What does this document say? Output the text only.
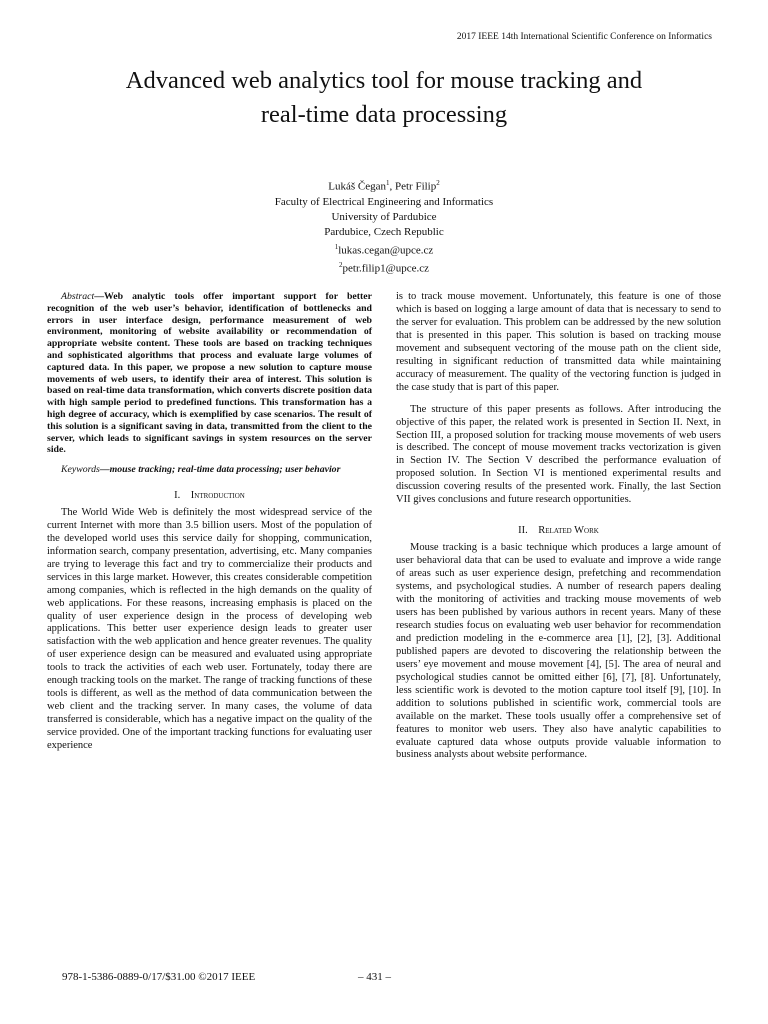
2017 IEEE 14th International Scientific Conference on Informatics
Advanced web analytics tool for mouse tracking and
real-time data processing
Lukáš Čegan$^1$, Petr Filip$^2$
Faculty of Electrical Engineering and Informatics
University of Pardubice
Pardubice, Czech Republic
$^1$lukas.cegan@upce.cz
$^2$petr.filip1@upce.cz

Abstract—Web analytic tools offer important support for better recognition of the web user’s behavior, identification of bottlenecks and errors in user interface design, performance measurement of web environment, monitoring of website availability or recommendation of appropriate website content. These tools are based on tracking techniques and sophisticated algorithms that process and evaluate large volumes of captured data. In this paper, we propose a new solution to capture mouse movements of web users, to identify their area of interest. This solution is based on real-time data transformation, which converts discrete position data with high sample period to predefined functions. This transformation has a high degree of accuracy, which is exemplified by case scenarios. The result of this solution is a significant saving in data, transmitted from the client to the server, which leads to significant savings in system resources on the server side.

Keywords—mouse tracking; real-time data processing; user behavior

I. Introduction

The World Wide Web is definitely the most widespread service of the current Internet with more than 3.5 billion users. Most of the population of the developed world uses this service daily for shopping, communication, information search, company presentation, advertising, etc. Many companies are trying to leverage this fact and try to commercialize their products and services in this large market. However, this creates considerable competition among companies, which is reflected in the high demands on the quality of web applications. For these reasons, increasing emphasis is placed on the quality of user experience design in the process of developing web applications. This better user experience design leads to greater user satisfaction with the web application and hence greater revenues. The quality of user experience design can be measured and evaluated using appropriate tools to track the activities of each web user. Fortunately, today there are enough tracking tools on the market. The range of tracking functions of these tools is different, as well as the method of data communication between the web client and the tracking server. In many cases, the volume of data transferred is considerable, which has a negative impact on the quality of the service provided. One of the important tracking functions for evaluating user experience

is to track mouse movement. Unfortunately, this feature is one of those which is based on logging a large amount of data that is necessary to send to the server for evaluation. This problem can be addressed by the new solution that is presented in this paper. This solution is based on tracking mouse movement and subsequent vectoring of the mouse path on the client side, resulting in significant reduction of transmitted data while maintaining accuracy of measurement. The quality of the vectoring function is judged in the case study that is part of this paper.

The structure of this paper presents as follows. After introducing the objective of this paper, the related work is presented in Section II. Next, in Section III, a proposed solution for tracking mouse movements of web users is described. The concept of mouse movement tracks vectorization is given in Section IV. The Section V described the performance evaluation of proposed solution. In Section VI is mentioned experimental results and discussion covering results of the presented work. Finally, the last Section VII gives conclusions and future research opportunities.

II. Related Work

Mouse tracking is a basic technique which produces a large amount of user behavioral data that can be used to evaluate and improve a wide range of areas such as user experience design, prefetching and recommendation systems, and psychological studies. A number of research papers dealing with the monitoring of activities and tracking mouse movements of web users has been published by various authors in recent years. Many of these research studies focus on evaluating web user behavior for recommendation and prediction modeling in the e-commerce area [1], [2], [3]. Additional published papers are devoted to discovering the relationship between the users’ eye movement and mouse movement [4], [5]. The area of neural and psychological studies cannot be omitted either [6], [7], [8]. Unfortunately, less scientific work is devoted to the motion capture tool itself [9], [10]. In addition to solutions published in scientific work, commercial tools are available on the market. These tools usually offer a comprehensive set of features to monitor web users. They also have analytic capabilities to evaluate captured data whose outputs provide valuable information to business analysts about website performance.

978-1-5386-0889-0/17/$31.00 ©2017 IEEE	– 431 –
